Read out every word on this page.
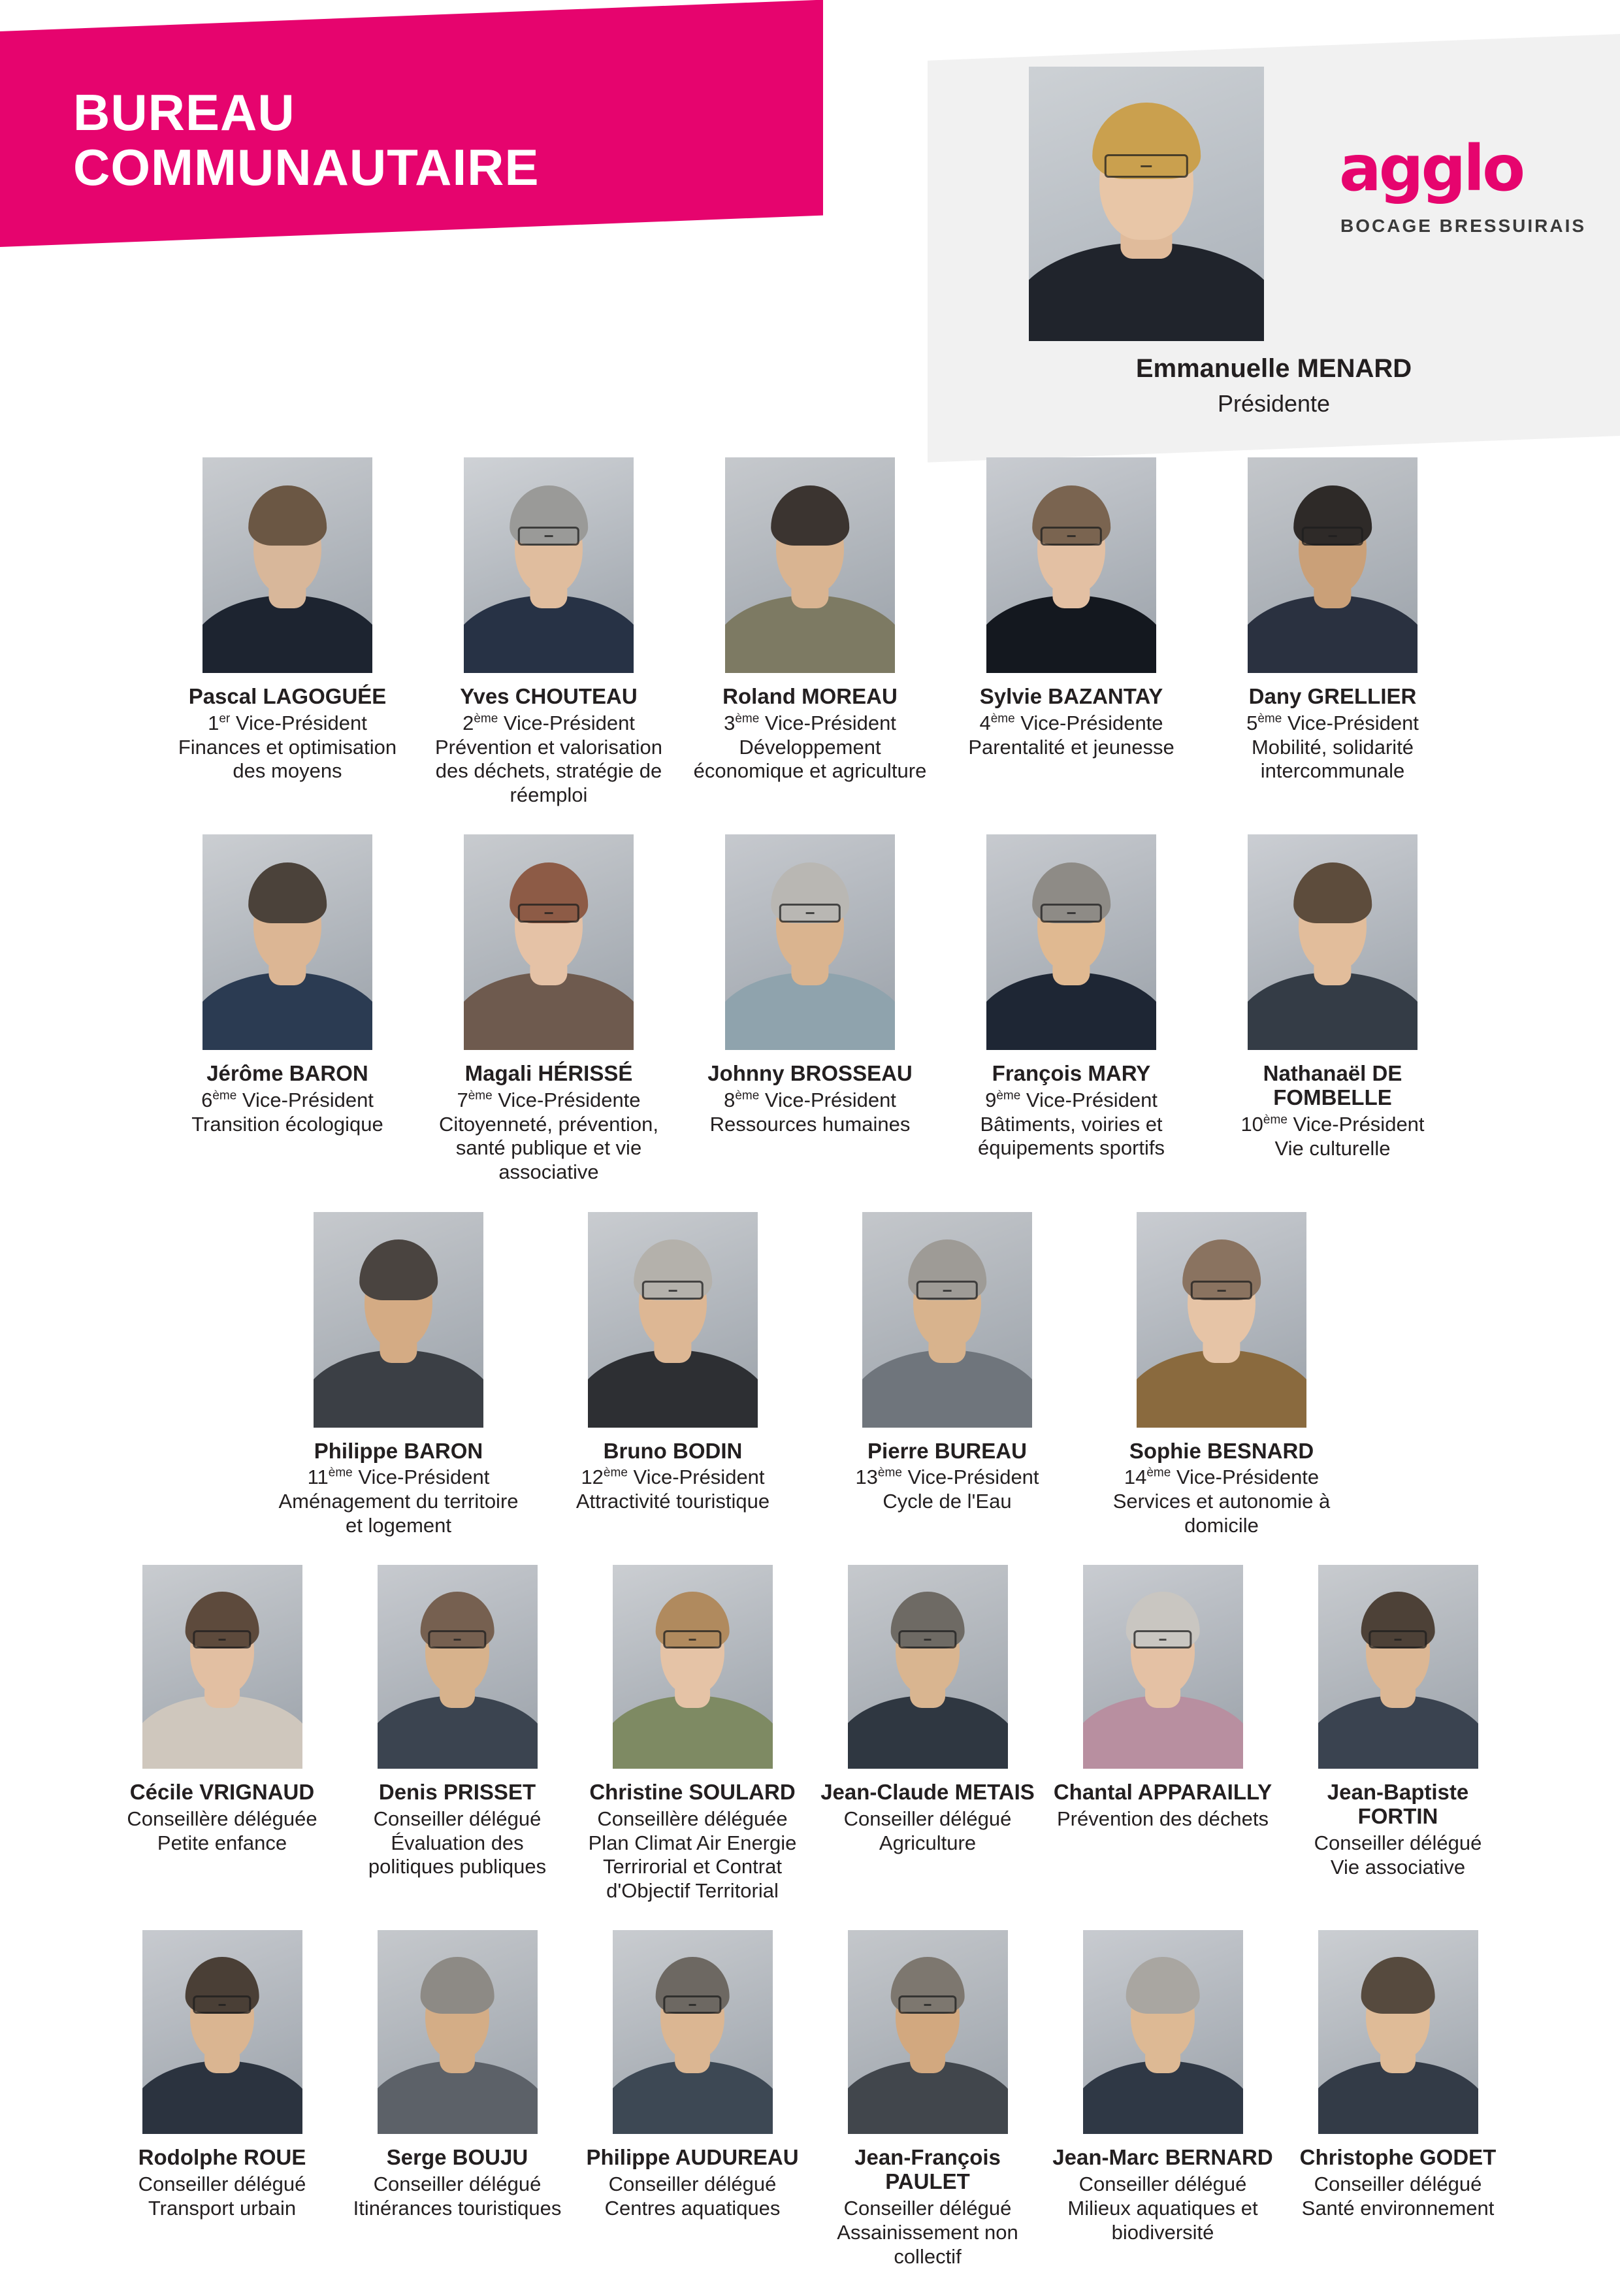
BUREAU
COMMUNAUTAIRE
Emmanuelle MENARD
Présidente
agglo
BOCAGE BRESSUIRAIS
Pascal LAGOGUÉE
1er Vice-Président
Finances et optimisation des moyens
Yves CHOUTEAU
2ème Vice-Président
Prévention et valorisation des déchets, stratégie de réemploi
Roland MOREAU
3ème Vice-Président
Développement économique et agriculture
Sylvie BAZANTAY
4ème Vice-Présidente
Parentalité et jeunesse
Dany GRELLIER
5ème Vice-Président
Mobilité, solidarité intercommunale
Jérôme BARON
6ème Vice-Président
Transition écologique
Magali HÉRISSÉ
7ème Vice-Présidente
Citoyenneté, prévention, santé publique et vie associative
Johnny BROSSEAU
8ème Vice-Président
Ressources humaines
François MARY
9ème Vice-Président
Bâtiments, voiries et équipements sportifs
Nathanaël DE FOMBELLE
10ème Vice-Président
Vie culturelle
Philippe BARON
11ème Vice-Président
Aménagement du territoire et logement
Bruno BODIN
12ème Vice-Président
Attractivité touristique
Pierre BUREAU
13ème Vice-Président
Cycle de l'Eau
Sophie BESNARD
14ème Vice-Présidente
Services et autonomie à domicile
Cécile VRIGNAUD
Conseillère déléguée
Petite enfance
Denis PRISSET
Conseiller délégué
Évaluation des politiques publiques
Christine SOULARD
Conseillère déléguée
Plan Climat Air Energie Terrirorial et Contrat d'Objectif Territorial
Jean-Claude METAIS
Conseiller délégué
Agriculture
Chantal APPARAILLY
Prévention des déchets
Jean-Baptiste FORTIN
Conseiller délégué
Vie associative
Rodolphe ROUE
Conseiller délégué
Transport urbain
Serge BOUJU
Conseiller délégué
Itinérances touristiques
Philippe AUDUREAU
Conseiller délégué
Centres aquatiques
Jean-François PAULET
Conseiller délégué
Assainissement non collectif
Jean-Marc BERNARD
Conseiller délégué
Milieux aquatiques et biodiversité
Christophe GODET
Conseiller délégué
Santé environnement
